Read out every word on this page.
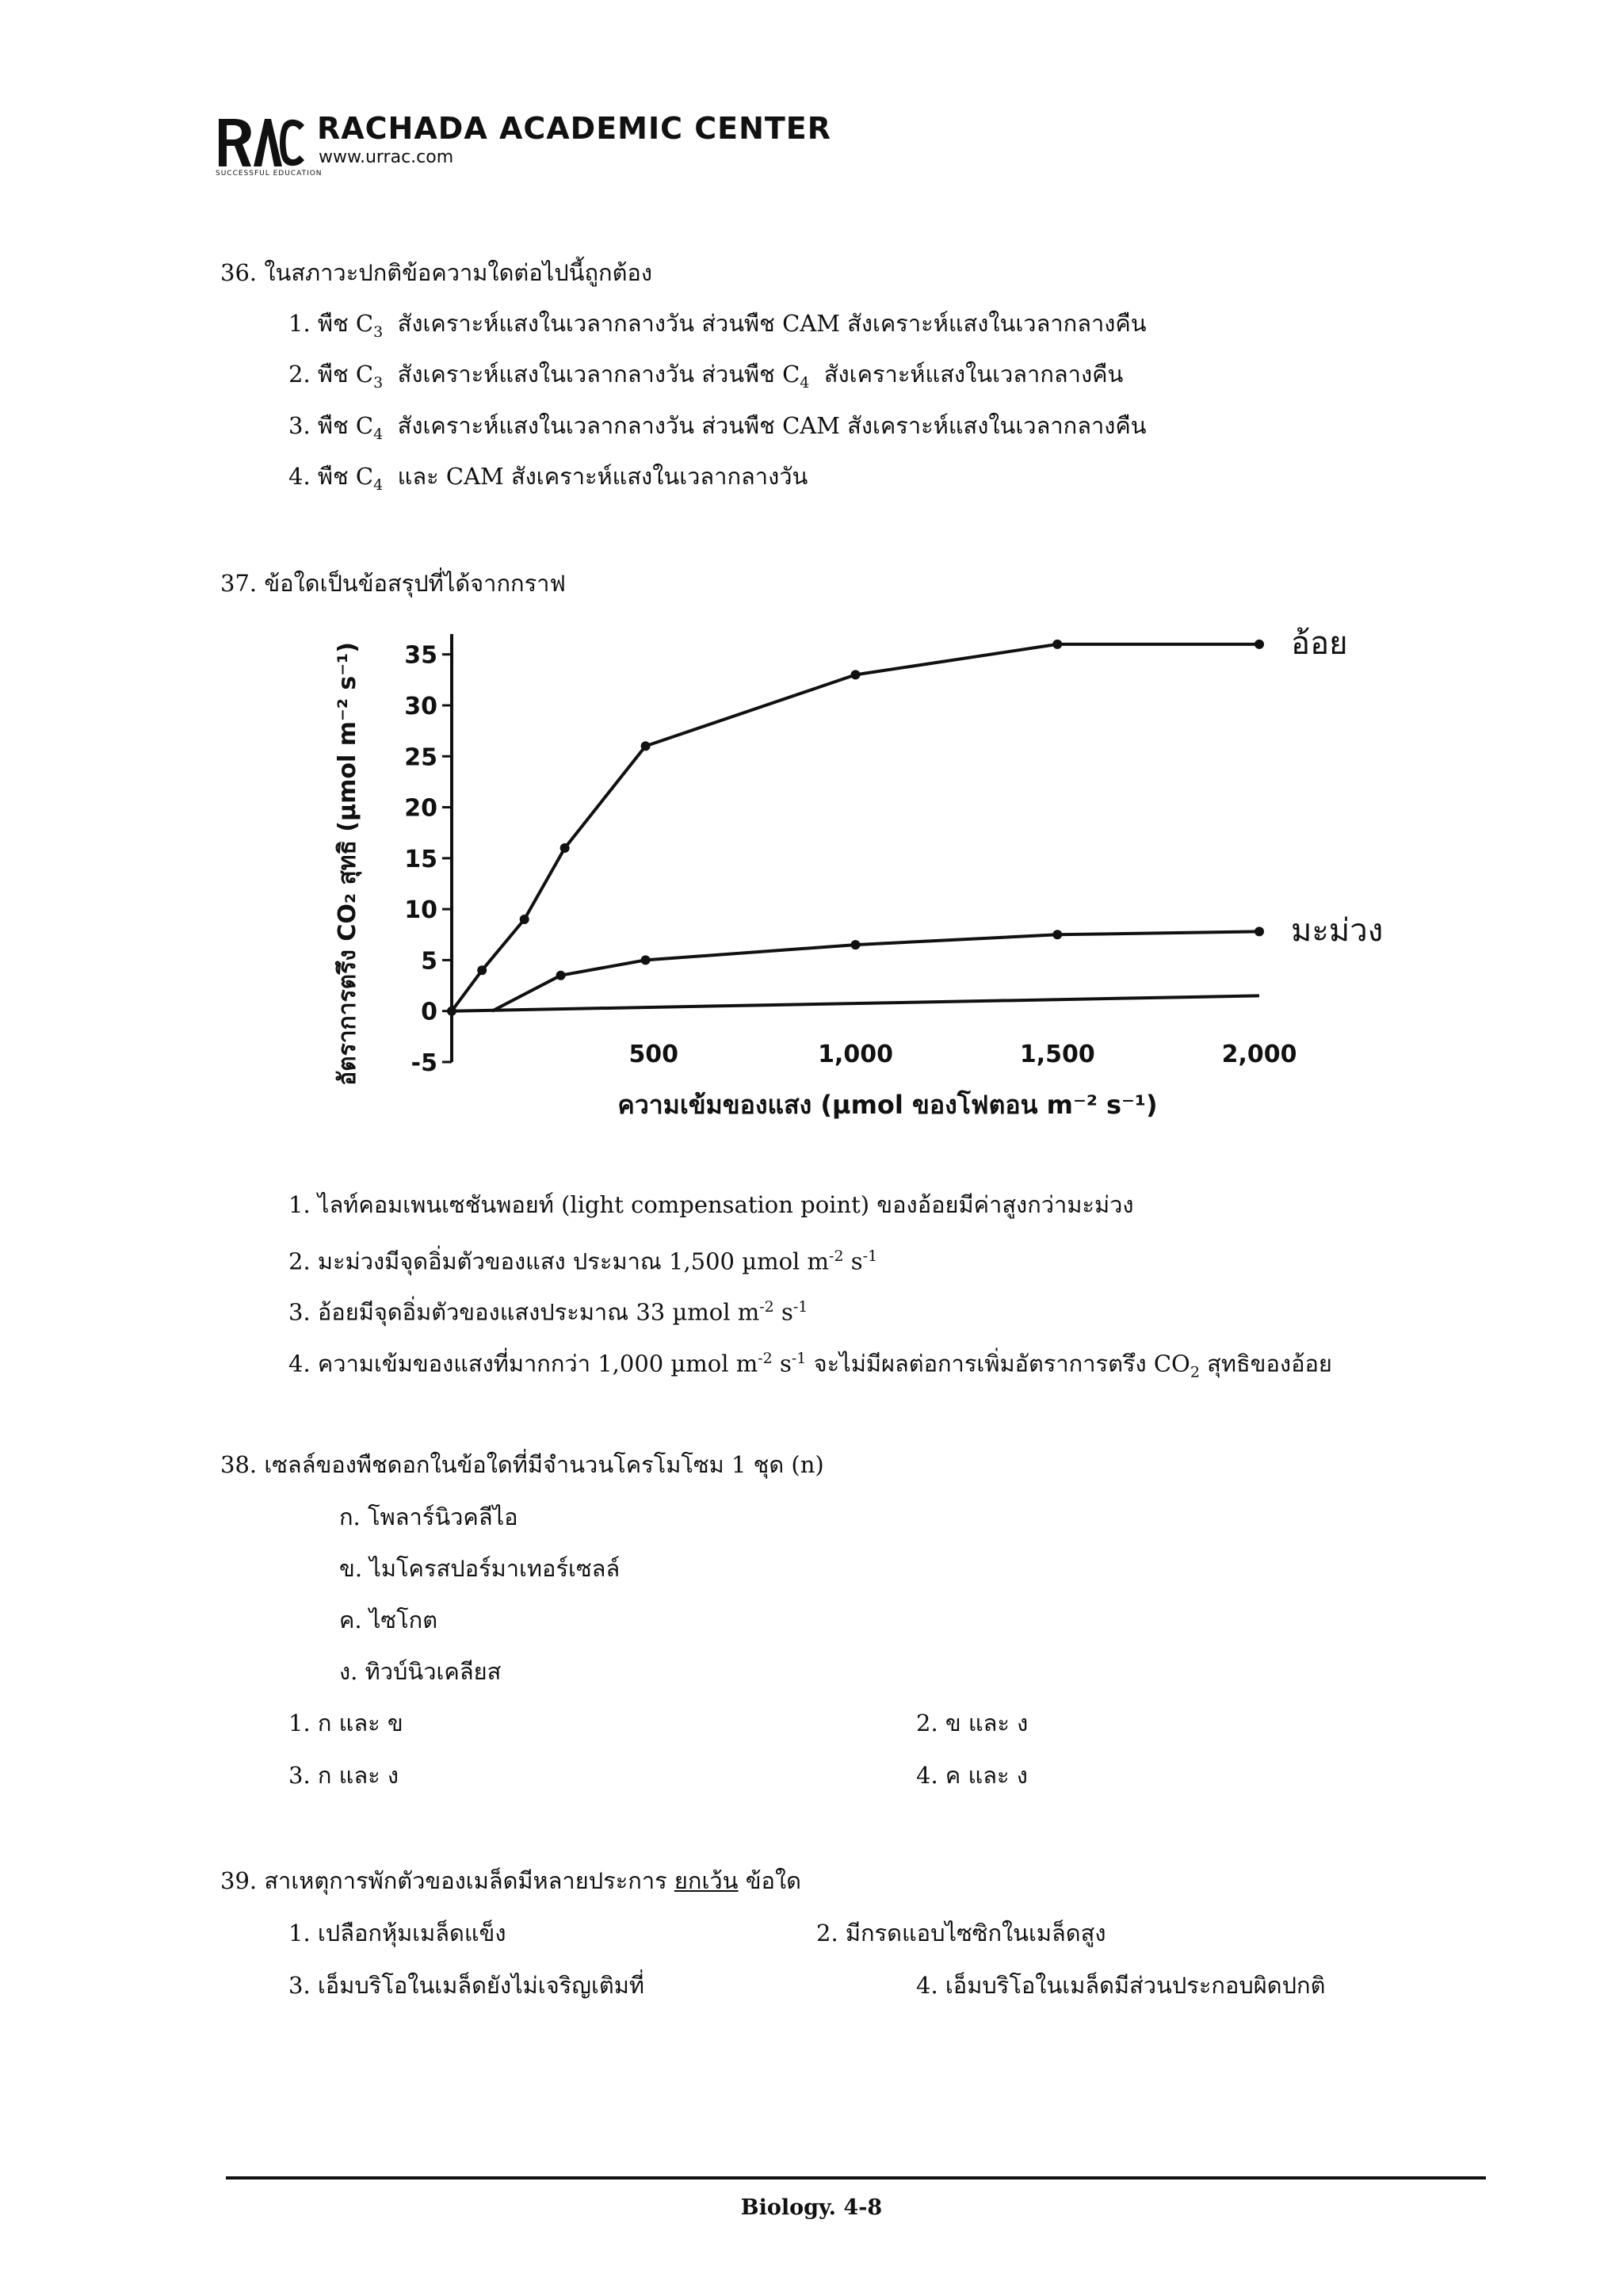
RACHADA ACADEMIC CENTER
www.urrac.com
SUCCESSFUL EDUCATION
36. ในสภาวะปกติข้อความใดต่อไปนี้ถูกต้อง
1. พืช $C_3$ สังเคราะห์แสงในเวลากลางวัน ส่วนพืช CAM สังเคราะห์แสงในเวลากลางคืน
2. พืช $C_3$ สังเคราะห์แสงในเวลากลางวัน ส่วนพืช $C_4$ สังเคราะห์แสงในเวลากลางคืน
3. พืช $C_4$ สังเคราะห์แสงในเวลากลางวัน ส่วนพืช CAM สังเคราะห์แสงในเวลากลางคืน
4. พืช $C_4$ และ CAM สังเคราะห์แสงในเวลากลางวัน
37. ข้อใดเป็นข้อสรุปที่ได้จากกราฟ
35
30
25
20
15
10
5
0
-5	500	1,000	1,500	2,000
อ้อย
มะม่วง
อัตราการตรึง CO₂ สุทธิ (µmol m⁻² s⁻¹)
ความเข้มของแสง (µmol ของโฟตอน m⁻² s⁻¹)
1. ไลท์คอมเพนเซชันพอยท์ (light compensation point) ของอ้อยมีค่าสูงกว่ามะม่วง
2. มะม่วงมีจุดอิ่มตัวของแสง ประมาณ 1,500 µmol $m^{-2}$ $s^{-1}$
3. อ้อยมีจุดอิ่มตัวของแสงประมาณ 33 µmol $m^{-2}$ $s^{-1}$
4. ความเข้มของแสงที่มากกว่า 1,000 µmol $m^{-2}$ $s^{-1}$ จะไม่มีผลต่อการเพิ่มอัตราการตรึง $CO_2$ สุทธิของอ้อย
38. เซลล์ของพืชดอกในข้อใดที่มีจำนวนโครโมโซม 1 ชุด (n)
ก. โพลาร์นิวคลีไอ
ข. ไมโครสปอร์มาเทอร์เซลล์
ค. ไซโกต
ง. ทิวบ์นิวเคลียส
1. ก และ ข	2. ข และ ง
3. ก และ ง	4. ค และ ง
39. สาเหตุการพักตัวของเมล็ดมีหลายประการ ยกเว้น ข้อใด
1. เปลือกหุ้มเมล็ดแข็ง	2. มีกรดแอบไซซิกในเมล็ดสูง
3. เอ็มบริโอในเมล็ดยังไม่เจริญเติมที่	4. เอ็มบริโอในเมล็ดมีส่วนประกอบผิดปกติ
Biology. 4-8
